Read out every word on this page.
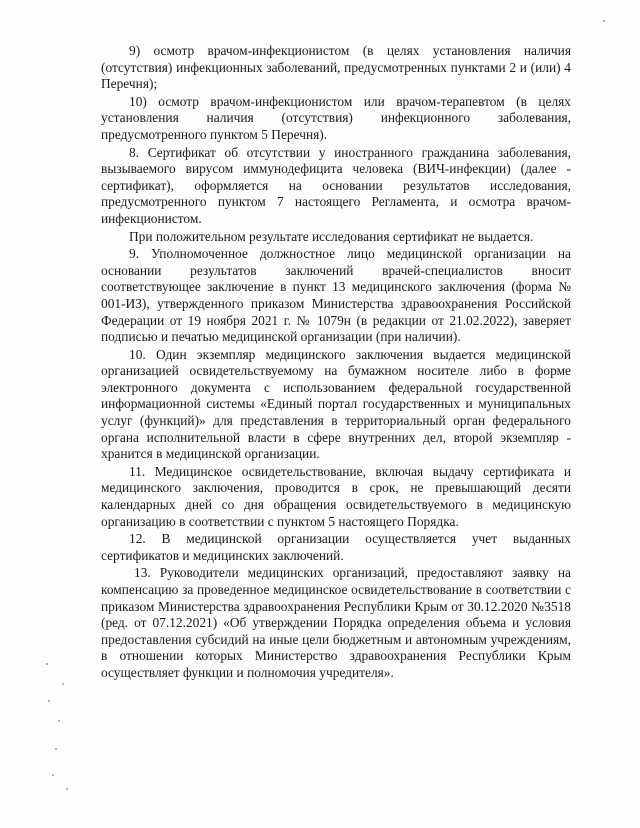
9) осмотр врачом-инфекционистом (в целях установления наличия (отсутствия) инфекционных заболеваний, предусмотренных пунктами 2 и (или) 4 Перечня);

10) осмотр врачом-инфекционистом или врачом-терапевтом (в целях установления наличия (отсутствия) инфекционного заболевания, предусмотренного пунктом 5 Перечня).

8. Сертификат об отсутствии у иностранного гражданина заболевания, вызываемого вирусом иммунодефицита человека (ВИЧ-инфекции) (далее - сертификат), оформляется на основании результатов исследования, предусмотренного пунктом 7 настоящего Регламента, и осмотра врачом-инфекционистом.

При положительном результате исследования сертификат не выдается.

9. Уполномоченное должностное лицо медицинской организации на основании результатов заключений врачей-специалистов вносит соответствующее заключение в пункт 13 медицинского заключения (форма № 001-ИЗ), утвержденного приказом Министерства здравоохранения Российской Федерации от 19 ноября 2021 г. № 1079н (в редакции от 21.02.2022), заверяет подписью и печатью медицинской организации (при наличии).

10. Один экземпляр медицинского заключения выдается медицинской организацией освидетельствуемому на бумажном носителе либо в форме электронного документа с использованием федеральной государственной информационной системы «Единый портал государственных и муниципальных услуг (функций)» для представления в территориальный орган федерального органа исполнительной власти в сфере внутренних дел, второй экземпляр - хранится в медицинской организации.

11. Медицинское освидетельствование, включая выдачу сертификата и медицинского заключения, проводится в срок, не превышающий десяти календарных дней со дня обращения освидетельствуемого в медицинскую организацию в соответствии с пунктом 5 настоящего Порядка.

12. В медицинской организации осуществляется учет выданных сертификатов и медицинских заключений.

13. Руководители медицинских организаций, предоставляют заявку на компенсацию за проведенное медицинское освидетельствование в соответствии с приказом Министерства здравоохранения Республики Крым от 30.12.2020 №3518 (ред. от 07.12.2021) «Об утверждении Порядка определения объема и условия предоставления субсидий на иные цели бюджетным и автономным учреждениям, в отношении которых Министерство здравоохранения Республики Крым осуществляет функции и полномочия учредителя».
